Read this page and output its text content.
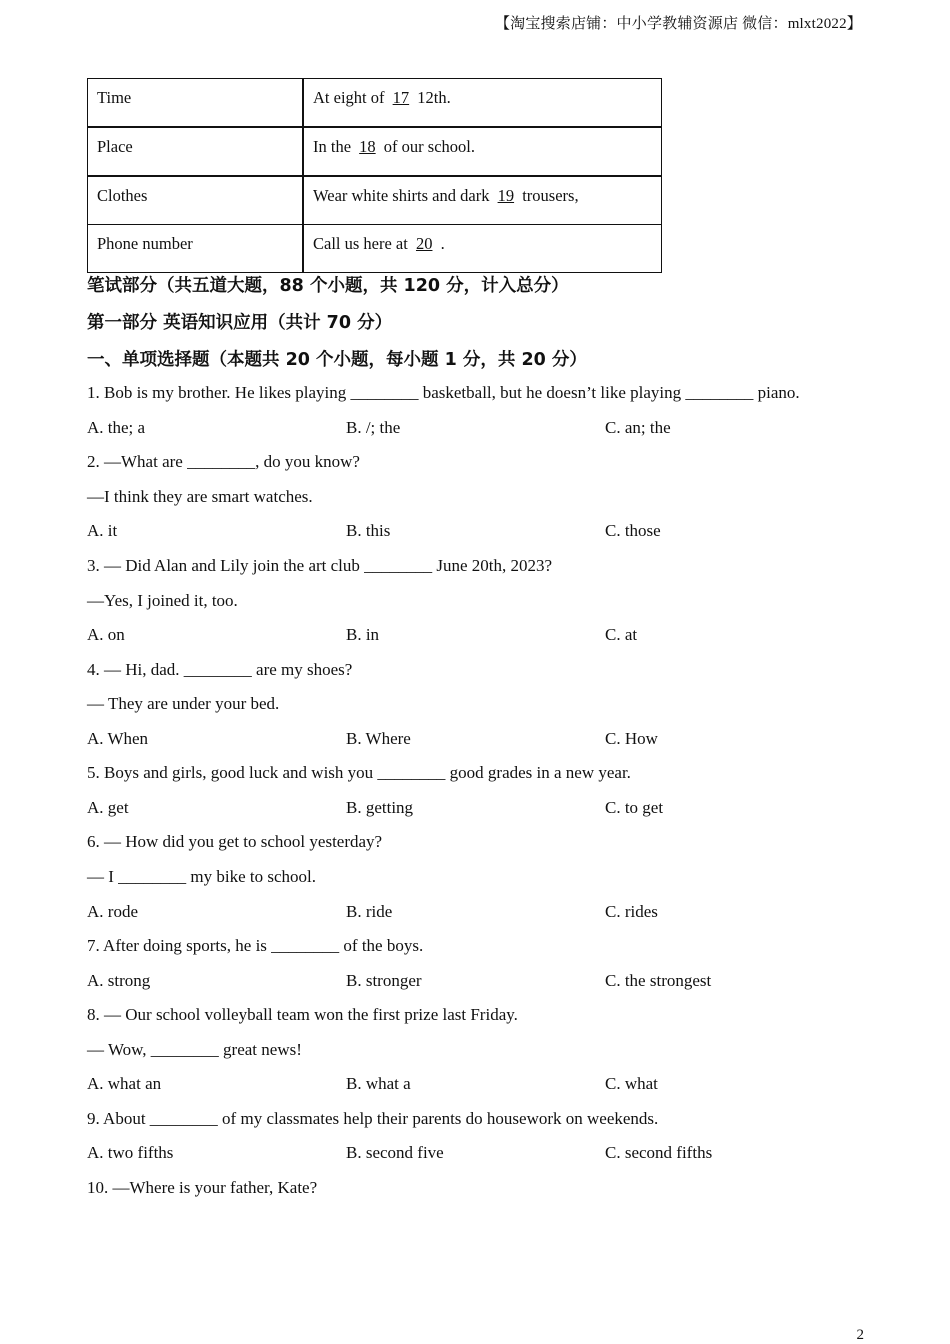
【淘宝搜索店铺：中小学教辅资源店 微信：mlxt2022】
Time	At eight of 17 12th.
Place	In the 18 of our school.
Clothes	Wear white shirts and dark 19 trousers,
Phone number	Call us here at 20 .
笔试部分（共五道大题，88 个小题，共 120 分，计入总分）
第一部分 英语知识应用（共计 70 分）
一、单项选择题（本题共 20 个小题，每小题 1 分，共 20 分）
1. Bob is my brother. He likes playing ________ basketball, but he doesn’t like playing ________ piano.
A. the; a	B. /; the	C. an; the
2. —What are ________, do you know?
—I think they are smart watches.
A. it	B. this	C. those
3. — Did Alan and Lily join the art club ________ June 20th, 2023?
—Yes, I joined it, too.
A. on	B. in	C. at
4. — Hi, dad. ________ are my shoes?
— They are under your bed.
A. When	B. Where	C. How
5. Boys and girls, good luck and wish you ________ good grades in a new year.
A. get	B. getting	C. to get
6. — How did you get to school yesterday?
— I ________ my bike to school.
A. rode	B. ride	C. rides
7. After doing sports, he is ________ of the boys.
A. strong	B. stronger	C. the strongest
8. — Our school volleyball team won the first prize last Friday.
— Wow, ________ great news!
A. what an	B. what a	C. what
9. About ________ of my classmates help their parents do housework on weekends.
A. two fifths	B. second five	C. second fifths
10. —Where is your father, Kate?
2
